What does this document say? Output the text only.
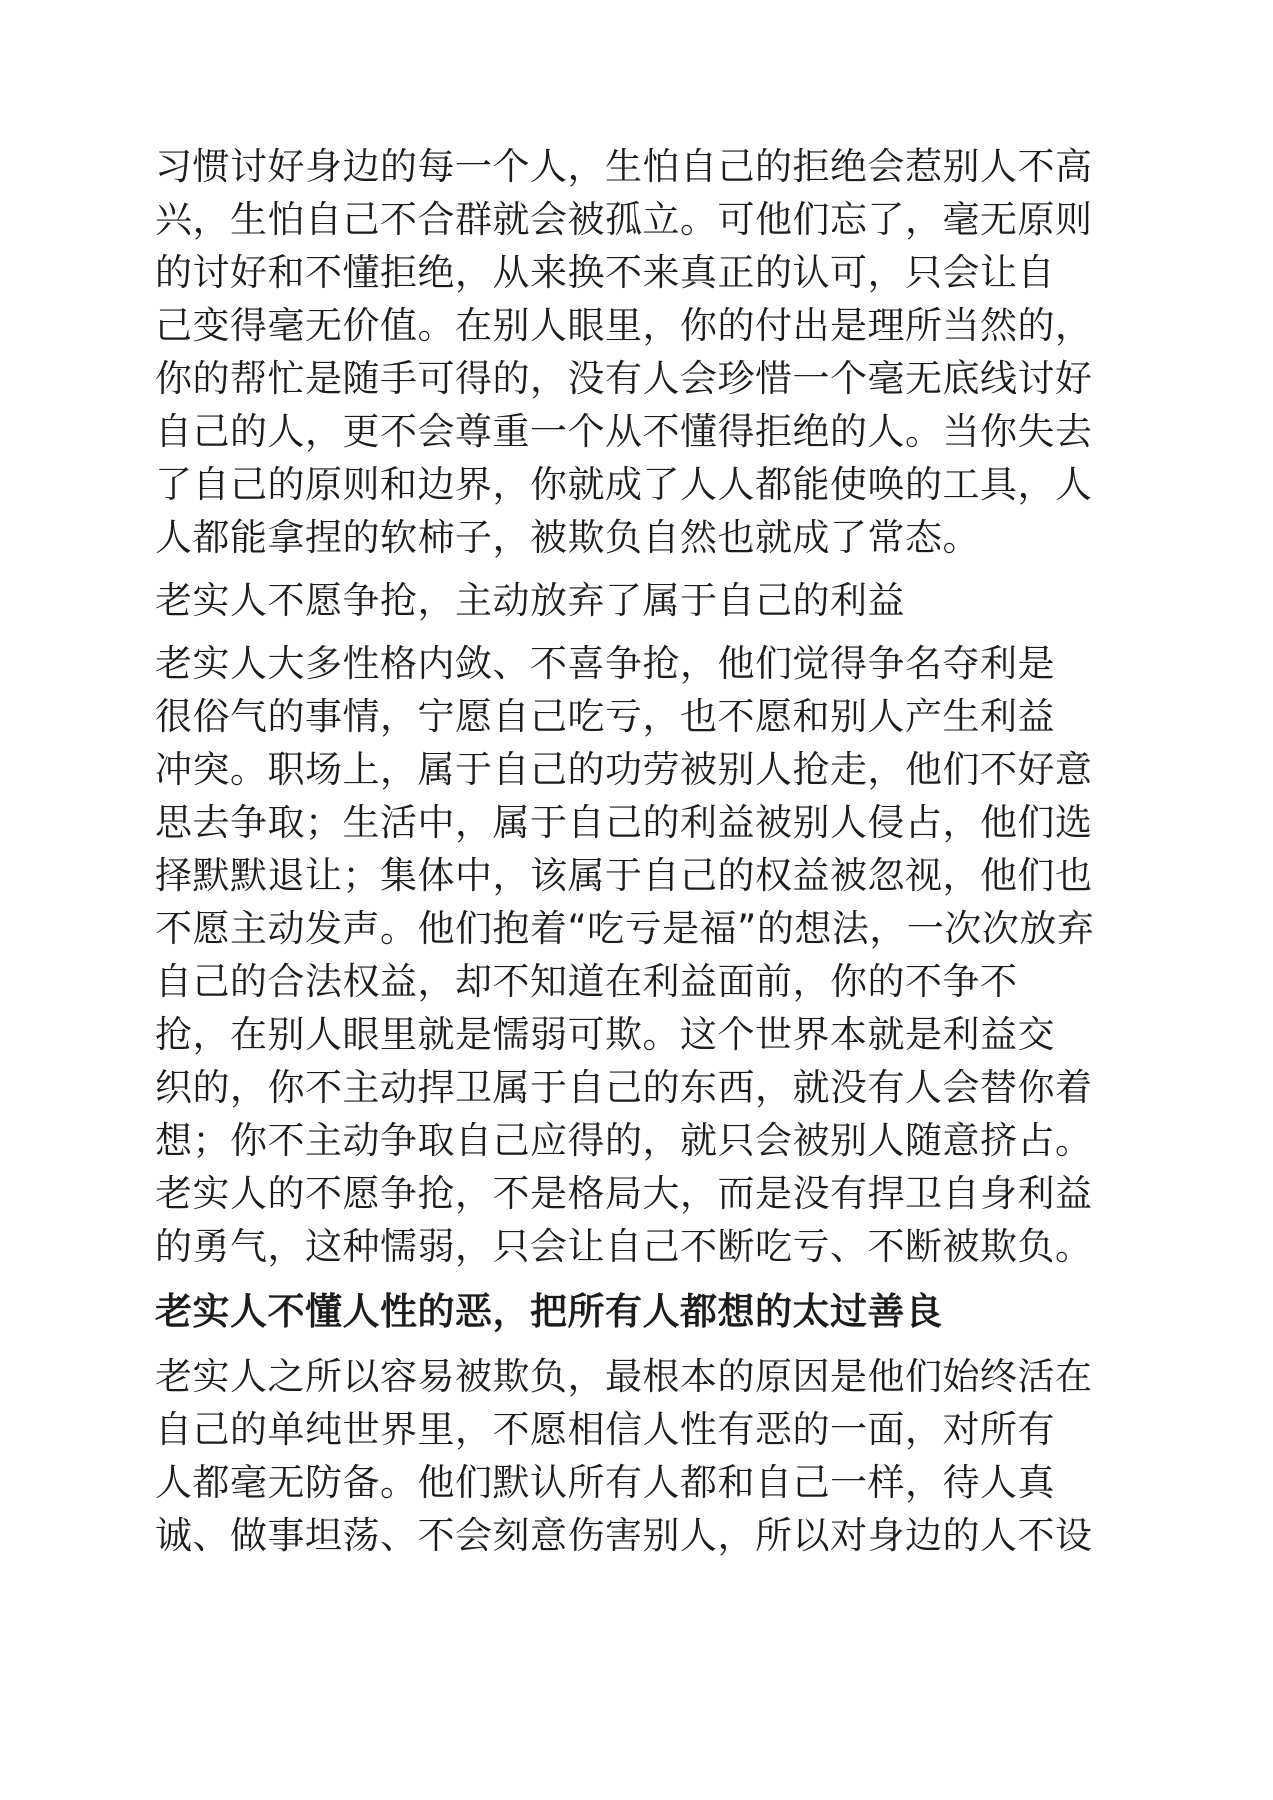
习惯讨好身边的每一个人，生怕自己的拒绝会惹别人不高
兴，生怕自己不合群就会被孤立。可他们忘了，毫无原则
的讨好和不懂拒绝，从来换不来真正的认可，只会让自
己变得毫无价值。在别人眼里，你的付出是理所当然的，
你的帮忙是随手可得的，没有人会珍惜一个毫无底线讨好
自己的人，更不会尊重一个从不懂得拒绝的人。当你失去
了自己的原则和边界，你就成了人人都能使唤的工具，人
人都能拿捏的软柿子，被欺负自然也就成了常态。
老实人不愿争抢，主动放弃了属于自己的利益
老实人大多性格内敛、不喜争抢，他们觉得争名夺利是
很俗气的事情，宁愿自己吃亏，也不愿和别人产生利益
冲突。职场上，属于自己的功劳被别人抢走，他们不好意
思去争取；生活中，属于自己的利益被别人侵占，他们选
择默默退让；集体中，该属于自己的权益被忽视，他们也
不愿主动发声。他们抱着“吃亏是福”的想法，一次次放弃
自己的合法权益，却不知道在利益面前，你的不争不
抢，在别人眼里就是懦弱可欺。这个世界本就是利益交
织的，你不主动捍卫属于自己的东西，就没有人会替你着
想；你不主动争取自己应得的，就只会被别人随意挤占。
老实人的不愿争抢，不是格局大，而是没有捍卫自身利益
的勇气，这种懦弱，只会让自己不断吃亏、不断被欺负。
老实人不懂人性的恶，把所有人都想的太过善良
老实人之所以容易被欺负，最根本的原因是他们始终活在
自己的单纯世界里，不愿相信人性有恶的一面，对所有
人都毫无防备。他们默认所有人都和自己一样，待人真
诚、做事坦荡、不会刻意伤害别人，所以对身边的人不设
